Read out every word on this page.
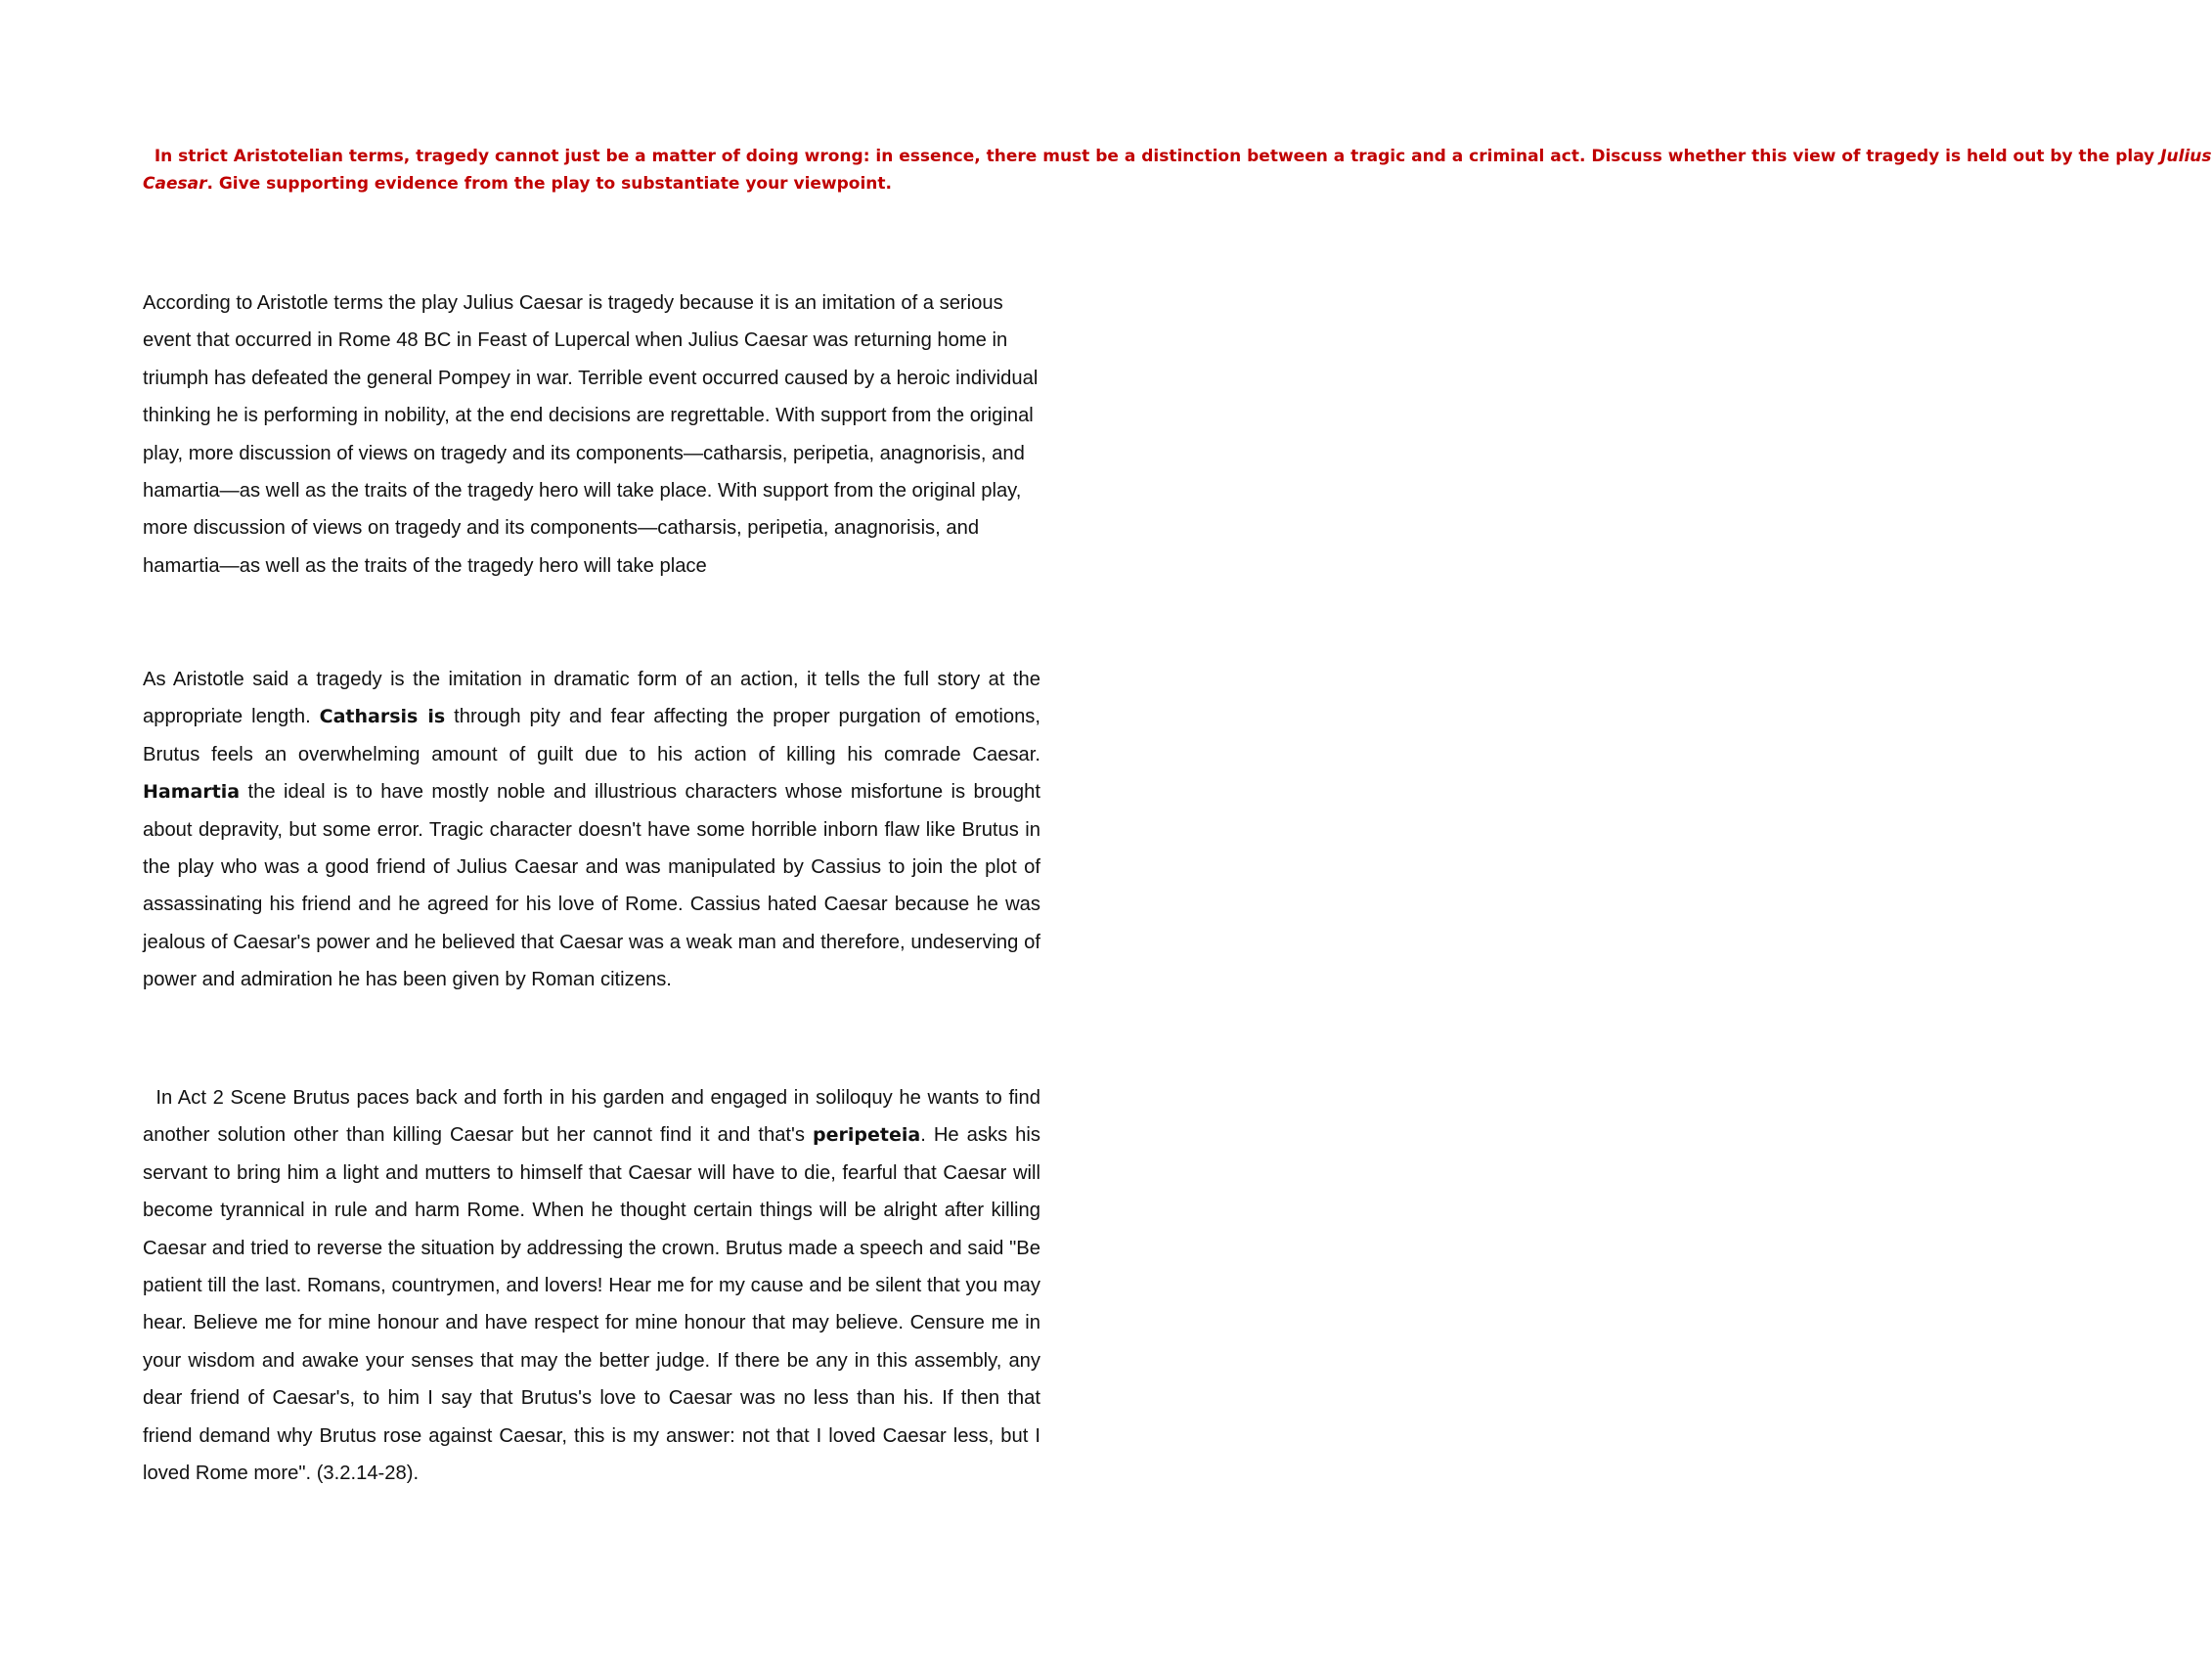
In strict Aristotelian terms, tragedy cannot just be a matter of doing wrong: in essence, there must be a distinction between a tragic and a criminal act. Discuss whether this view of tragedy is held out by the play Julius Caesar. Give supporting evidence from the play to substantiate your viewpoint.

According to Aristotle terms the play Julius Caesar is tragedy because it is an imitation of a serious event that occurred in Rome 48 BC in Feast of Lupercal when Julius Caesar was returning home in triumph has defeated the general Pompey in war. Terrible event occurred caused by a heroic individual thinking he is performing in nobility, at the end decisions are regrettable. With support from the original play, more discussion of views on tragedy and its components—catharsis, peripetia, anagnorisis, and hamartia—as well as the traits of the tragedy hero will take place. With support from the original play, more discussion of views on tragedy and its components—catharsis, peripetia, anagnorisis, and hamartia—as well as the traits of the tragedy hero will take place

As Aristotle said a tragedy is the imitation in dramatic form of an action, it tells the full story at the appropriate length. Catharsis is through pity and fear affecting the proper purgation of emotions, Brutus feels an overwhelming amount of guilt due to his action of killing his comrade Caesar. Hamartia the ideal is to have mostly noble and illustrious characters whose misfortune is brought about depravity, but some error. Tragic character doesn't have some horrible inborn flaw like Brutus in the play who was a good friend of Julius Caesar and was manipulated by Cassius to join the plot of assassinating his friend and he agreed for his love of Rome. Cassius hated Caesar because he was jealous of Caesar's power and he believed that Caesar was a weak man and therefore, undeserving of power and admiration he has been given by Roman citizens.

In Act 2 Scene Brutus paces back and forth in his garden and engaged in soliloquy he wants to find another solution other than killing Caesar but her cannot find it and that's peripeteia. He asks his servant to bring him a light and mutters to himself that Caesar will have to die, fearful that Caesar will become tyrannical in rule and harm Rome. When he thought certain things will be alright after killing Caesar and tried to reverse the situation by addressing the crown. Brutus made a speech and said "Be patient till the last. Romans, countrymen, and lovers! Hear me for my cause and be silent that you may hear. Believe me for mine honour and have respect for mine honour that may believe. Censure me in your wisdom and awake your senses that may the better judge. If there be any in this assembly, any dear friend of Caesar's, to him I say that Brutus's love to Caesar was no less than his. If then that friend demand why Brutus rose against Caesar, this is my answer: not that I loved Caesar less, but I loved Rome more". (3.2.14-28).
